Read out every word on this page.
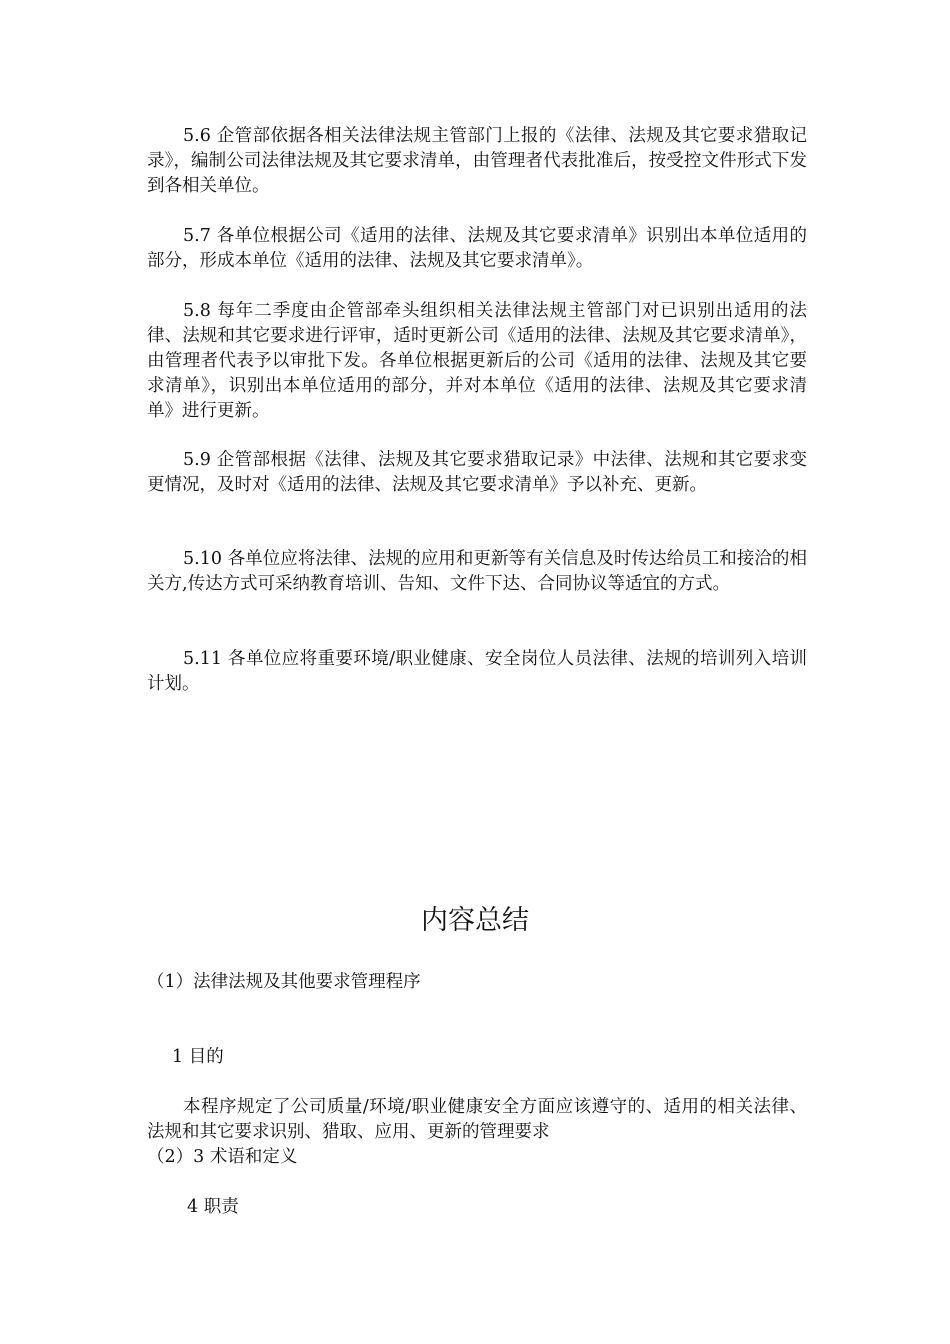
5.6 企管部依据各相关法律法规主管部门上报的《法律、法规及其它要求猎取记录》，编制公司法律法规及其它要求清单，由管理者代表批准后，按受控文件形式下发到各相关单位。

5.7 各单位根据公司《适用的法律、法规及其它要求清单》识别出本单位适用的部分，形成本单位《适用的法律、法规及其它要求清单》。

5.8 每年二季度由企管部牵头组织相关法律法规主管部门对已识别出适用的法律、法规和其它要求进行评审，适时更新公司《适用的法律、法规及其它要求清单》，由管理者代表予以审批下发。各单位根据更新后的公司《适用的法律、法规及其它要求清单》，识别出本单位适用的部分，并对本单位《适用的法律、法规及其它要求清单》进行更新。

5.9 企管部根据《法律、法规及其它要求猎取记录》中法律、法规和其它要求变更情况，及时对《适用的法律、法规及其它要求清单》予以补充、更新。

5.10 各单位应将法律、法规的应用和更新等有关信息及时传达给员工和接洽的相关方,传达方式可采纳教育培训、告知、文件下达、合同协议等适宜的方式。

5.11 各单位应将重要环境/职业健康、安全岗位人员法律、法规的培训列入培训计划。

内容总结

（1）法律法规及其他要求管理程序

1 目的

本程序规定了公司质量/环境/职业健康安全方面应该遵守的、适用的相关法律、法规和其它要求识别、猎取、应用、更新的管理要求

（2）3 术语和定义

4 职责
